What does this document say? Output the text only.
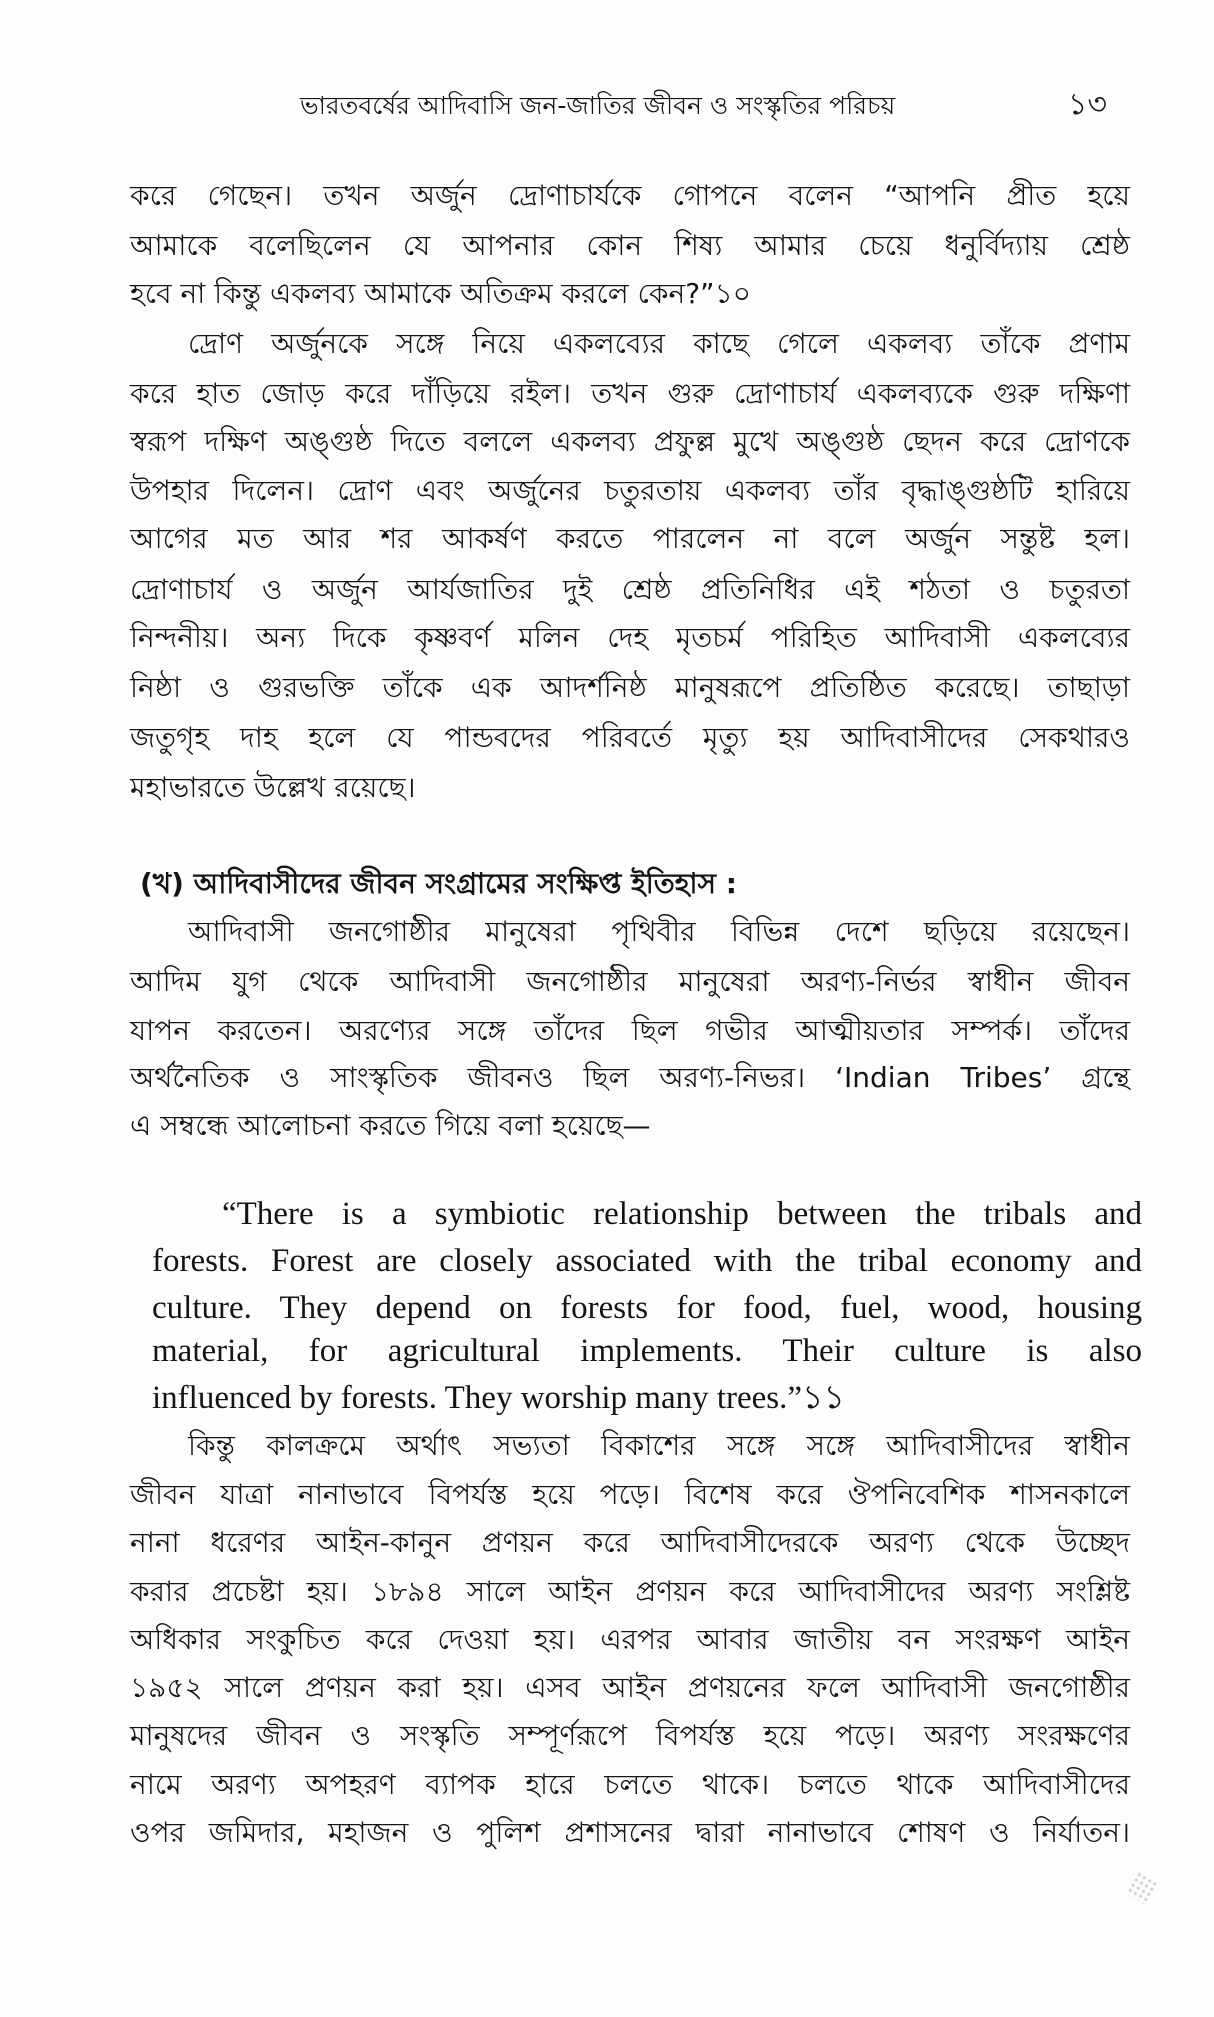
ভারতবর্ষের আদিবাসি জন-জাতির জীবন ও সংস্কৃতির পরিচয়	১৩
করে গেছেন। তখন অর্জুন দ্রোণাচার্যকে গোপনে বলেন “আপনি প্রীত হয়ে
আমাকে বলেছিলেন যে আপনার কোন শিষ্য আমার চেয়ে ধনুর্বিদ্যায় শ্রেষ্ঠ
হবে না কিন্তু একলব্য আমাকে অতিক্রম করলে কেন?”১০
দ্রোণ অর্জুনকে সঙ্গে নিয়ে একলব্যের কাছে গেলে একলব্য তাঁকে প্রণাম
করে হাত জোড় করে দাঁড়িয়ে রইল। তখন গুরু দ্রোণাচার্য একলব্যকে গুরু দক্ষিণা
স্বরূপ দক্ষিণ অঙ্গুষ্ঠ দিতে বললে একলব্য প্রফুল্ল মুখে অঙ্গুষ্ঠ ছেদন করে দ্রোণকে
উপহার দিলেন। দ্রোণ এবং অর্জুনের চতুরতায় একলব্য তাঁর বৃদ্ধাঙ্গুষ্ঠটি হারিয়ে
আগের মত আর শর আকর্ষণ করতে পারলেন না বলে অর্জুন সন্তুষ্ট হল।
দ্রোণাচার্য ও অর্জুন আর্যজাতির দুই শ্রেষ্ঠ প্রতিনিধির এই শঠতা ও চতুরতা
নিন্দনীয়। অন্য দিকে কৃষ্ণবর্ণ মলিন দেহ মৃতচর্ম পরিহিত আদিবাসী একলব্যের
নিষ্ঠা ও গুরভক্তি তাঁকে এক আদর্শনিষ্ঠ মানুষরূপে প্রতিষ্ঠিত করেছে। তাছাড়া
জতুগৃহ দাহ হলে যে পান্ডবদের পরিবর্তে মৃত্যু হয় আদিবাসীদের সেকথারও
মহাভারতে উল্লেখ রয়েছে।
(খ) আদিবাসীদের জীবন সংগ্রামের সংক্ষিপ্ত ইতিহাস :
আদিবাসী জনগোষ্ঠীর মানুষেরা পৃথিবীর বিভিন্ন দেশে ছড়িয়ে রয়েছেন।
আদিম যুগ থেকে আদিবাসী জনগোষ্ঠীর মানুষেরা অরণ্য-নির্ভর স্বাধীন জীবন
যাপন করতেন। অরণ্যের সঙ্গে তাঁদের ছিল গভীর আত্মীয়তার সম্পর্ক। তাঁদের
অর্থনৈতিক ও সাংস্কৃতিক জীবনও ছিল অরণ্য-নিভর। ‘Indian Tribes’ গ্রন্থে
এ সম্বন্ধে আলোচনা করতে গিয়ে বলা হয়েছে—
“There is a symbiotic relationship between the tribals and
forests. Forest are closely associated with the tribal economy and
culture. They depend on forests for food, fuel, wood, housing
material, for agricultural implements. Their culture is also
influenced by forests. They worship many trees.”১১
কিন্তু কালক্রমে অর্থাৎ সভ্যতা বিকাশের সঙ্গে সঙ্গে আদিবাসীদের স্বাধীন
জীবন যাত্রা নানাভাবে বিপর্যস্ত হয়ে পড়ে। বিশেষ করে ঔপনিবেশিক শাসনকালে
নানা ধরেণর আইন-কানুন প্রণয়ন করে আদিবাসীদেরকে অরণ্য থেকে উচ্ছেদ
করার প্রচেষ্টা হয়। ১৮৯৪ সালে আইন প্রণয়ন করে আদিবাসীদের অরণ্য সংশ্লিষ্ট
অধিকার সংকুচিত করে দেওয়া হয়। এরপর আবার জাতীয় বন সংরক্ষণ আইন
১৯৫২ সালে প্রণয়ন করা হয়। এসব আইন প্রণয়নের ফলে আদিবাসী জনগোষ্ঠীর
মানুষদের জীবন ও সংস্কৃতি সম্পূর্ণরূপে বিপর্যস্ত হয়ে পড়ে। অরণ্য সংরক্ষণের
নামে অরণ্য অপহরণ ব্যাপক হারে চলতে থাকে। চলতে থাকে আদিবাসীদের
ওপর জমিদার, মহাজন ও পুলিশ প্রশাসনের দ্বারা নানাভাবে শোষণ ও নির্যাতন।
